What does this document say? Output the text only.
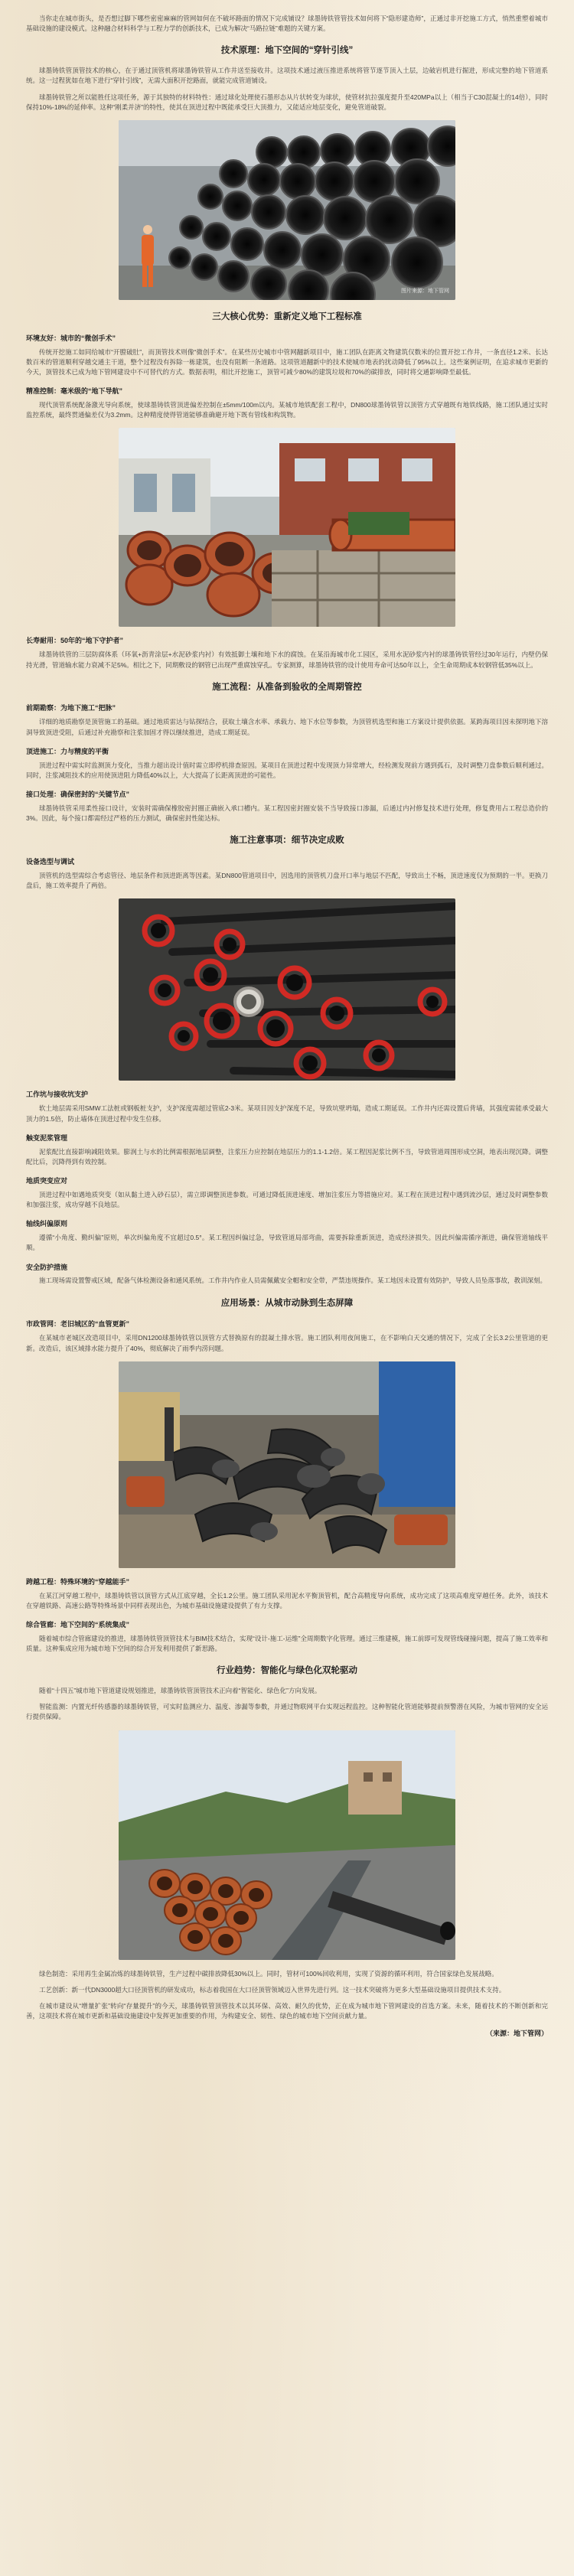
当你走在城市街头，是否想过脚下哪些密密麻麻的管网如何在不破坏路面的情况下完成铺设？球墨铸铁管管技术如何将下“隐形建造师”，正通过非开挖施工方式，悄然重塑着城市基础设施的建设模式。这种融合材料科学与工程力学的创新技术，已成为解决“马路拉链”难题的关键方案。

技术原理：地下空间的“穿针引线”

球墨铸铁管顶管技术的核心，在于通过顶管机将球墨铸铁管从工作井送至接收井。这项技术通过液压推进系统将管节逐节顶入土层，边破岩机进行掘进，形成完整的地下管道系统。这一过程犹如在地下进行“穿针引线”，无需大面积开挖路面，就能完成管道铺设。

球墨铸铁管之所以能胜任这项任务，源于其独特的材料特性：通过球化处理使石墨形态从片状转变为球状，使管材抗拉强度提升至420MPa以上（相当于C30混凝土的14倍），同时保持10%-18%的延伸率。这种“刚柔并济”的特性，使其在顶进过程中既能承受巨大顶推力，又能适应地层变化，避免管道破裂。

图片来源：地下管网
三大核心优势：重新定义地下工程标准
环境友好：城市的“微创手术”

传统开挖施工如同给城市“开膛破肚”，而顶管技术则像“微创手术”。在某些历史城市中管网翻新项目中，施工团队在距离文物建筑仅数米的位置开挖工作井，一条直径1.2米、长达数百米的管道顺利穿越交通主干道，整个过程没有拆除一栋建筑，也没有阻断一条道路。这项管道翻新中的技术使城市地表的扰动降低了95%以上。这些案例证明，在追求城市更新的今天，顶管技术已成为地下管网建设中不可替代的方式。数据表明，相比开挖施工，顶管可减少80%的建筑垃圾和70%的碳排放，同时将交通影响降至最低。

精准控制：毫米级的“地下导航”

现代顶管系统配备激光导向系统，使球墨铸铁管顶进偏差控制在±5mm/100m以内。某城市地铁配套工程中，DN800球墨铸铁管以顶管方式穿越既有地铁线路，施工团队通过实时监控系统，最终贯通偏差仅为3.2mm。这种精度使得管道能够准确避开地下既有管线和构筑物。

长寿耐用：50年的“地下守护者”

球墨铸铁管的三层防腐体系（环氧+沥青涂层+水泥砂浆内衬）有效抵御土壤和地下水的腐蚀。在某沿海城市化工园区，采用水泥砂浆内衬的球墨铸铁管经过30年运行，内壁仍保持光滑，管道输水能力衰减不足5%。相比之下，同期敷设的钢管已出现严重腐蚀穿孔。专家测算，球墨铸铁管的设计使用寿命可达50年以上，全生命周期成本较钢管低35%以上。

施工流程：从准备到验收的全周期管控
前期勘察：为地下施工“把脉”

详细的地质勘察是顶管施工的基础。通过地质雷达与钻探结合，获取土壤含水率、承载力、地下水位等参数，为顶管机选型和施工方案设计提供依据。某跨海项目因未探明地下溶洞导致顶进受阻，后通过补充勘察和注浆加固才得以继续推进，造成工期延误。

顶进施工：力与精度的平衡

顶进过程中需实时监测顶力变化，当推力超出设计值时需立即停机排查原因。某项目在顶进过程中发现顶力异常增大，经检测发现前方遇到孤石，及时调整刀盘参数后顺利通过。同时，注浆减阻技术的应用使顶进阻力降低40%以上，大大提高了长距离顶进的可能性。

接口处理：确保密封的“关键节点”

球墨铸铁管采用柔性接口设计，安装时需确保橡胶密封圈正确嵌入承口槽内。某工程因密封圈安装不当导致接口渗漏，后通过内衬修复技术进行处理，修复费用占工程总造价的3%。因此，每个接口都需经过严格的压力测试，确保密封性能达标。

施工注意事项：细节决定成败
设备选型与调试

顶管机的选型需综合考虑管径、地层条件和顶进距离等因素。某DN800管道项目中，因选用的顶管机刀盘开口率与地层不匹配，导致出土不畅，顶进速度仅为预期的一半。更换刀盘后，施工效率提升了两倍。

工作坑与接收坑支护

软土地层需采用SMW工法桩或钢板桩支护，支护深度需超过管底2-3米。某项目因支护深度不足，导致坑壁坍塌，造成工期延误。工作井内还需设置后背墙，其强度需能承受最大顶力的1.5倍，防止墙体在顶进过程中发生位移。

触变泥浆管理

泥浆配比直接影响减阻效果。膨润土与水的比例需根据地层调整，注浆压力应控制在地层压力的1.1-1.2倍。某工程因泥浆比例不当，导致管道周围形成空洞，地表出现沉降。调整配比后，沉降得到有效控制。

地质突变应对

顶进过程中如遇地质突变（如从黏土进入砂石层），需立即调整顶进参数。可通过降低顶进速度、增加注浆压力等措施应对。某工程在顶进过程中遇到流沙层，通过及时调整参数和加强注浆，成功穿越不良地层。

轴线纠偏原则

遵循“小角度、勤纠偏”原则，单次纠偏角度不宜超过0.5°。某工程因纠偏过急，导致管道局部弯曲，需要拆除重新顶进，造成经济损失。因此纠偏需循序渐进，确保管道轴线平顺。

安全防护措施

施工现场需设置警戒区域，配备气体检测设备和通风系统。工作井内作业人员需佩戴安全帽和安全带，严禁违规操作。某工地因未设置有效防护，导致人员坠落事故，教训深刻。

应用场景：从城市动脉到生态屏障
市政管网：老旧城区的“血管更新”

在某城市老城区改造项目中，采用DN1200球墨铸铁管以顶管方式替换原有的混凝土排水管。施工团队利用夜间施工，在不影响白天交通的情况下，完成了全长3.2公里管道的更新。改造后，该区域排水能力提升了40%，彻底解决了雨季内涝问题。

跨越工程：特殊环境的“穿越能手”

在某江河穿越工程中，球墨铸铁管以顶管方式从江底穿越，全长1.2公里。施工团队采用泥水平衡顶管机，配合高精度导向系统，成功完成了这项高难度穿越任务。此外，该技术在穿越铁路、高速公路等特殊场景中同样表现出色，为城市基础设施建设提供了有力支撑。

综合管廊：地下空间的“系统集成”

随着城市综合管廊建设的推进，球墨铸铁管顶管技术与BIM技术结合，实现“设计-施工-运维”全周期数字化管理。通过三维建模，施工前即可发现管线碰撞问题，提高了施工效率和质量。这种集成应用为城市地下空间的综合开发利用提供了新思路。

行业趋势：智能化与绿色化双轮驱动

随着“十四五”城市地下管道建设规划推进，球墨铸铁管顶管技术正向着“智能化、绿色化”方向发展。

智能监测：内置光纤传感器的球墨铸铁管，可实时监测应力、温度、渗漏等参数，并通过物联网平台实现远程监控。这种智能化管道能够提前预警潜在风险，为城市管网的安全运行提供保障。

绿色制造：采用再生金属冶炼的球墨铸铁管，生产过程中碳排放降低30%以上。同时，管材可100%回收利用，实现了资源的循环利用，符合国家绿色发展战略。

工艺创新：新一代DN3000超大口径顶管机的研发成功，标志着我国在大口径顶管领域迈入世界先进行列。这一技术突破将为更多大型基础设施项目提供技术支持。

在城市建设从“增量扩张”转向“存量提升”的今天，球墨铸铁管顶管技术以其环保、高效、耐久的优势，正在成为城市地下管网建设的首选方案。未来，随着技术的不断创新和完善，这项技术将在城市更新和基础设施建设中发挥更加重要的作用，为构建安全、韧性、绿色的城市地下空间贡献力量。

（来源：地下管网）
